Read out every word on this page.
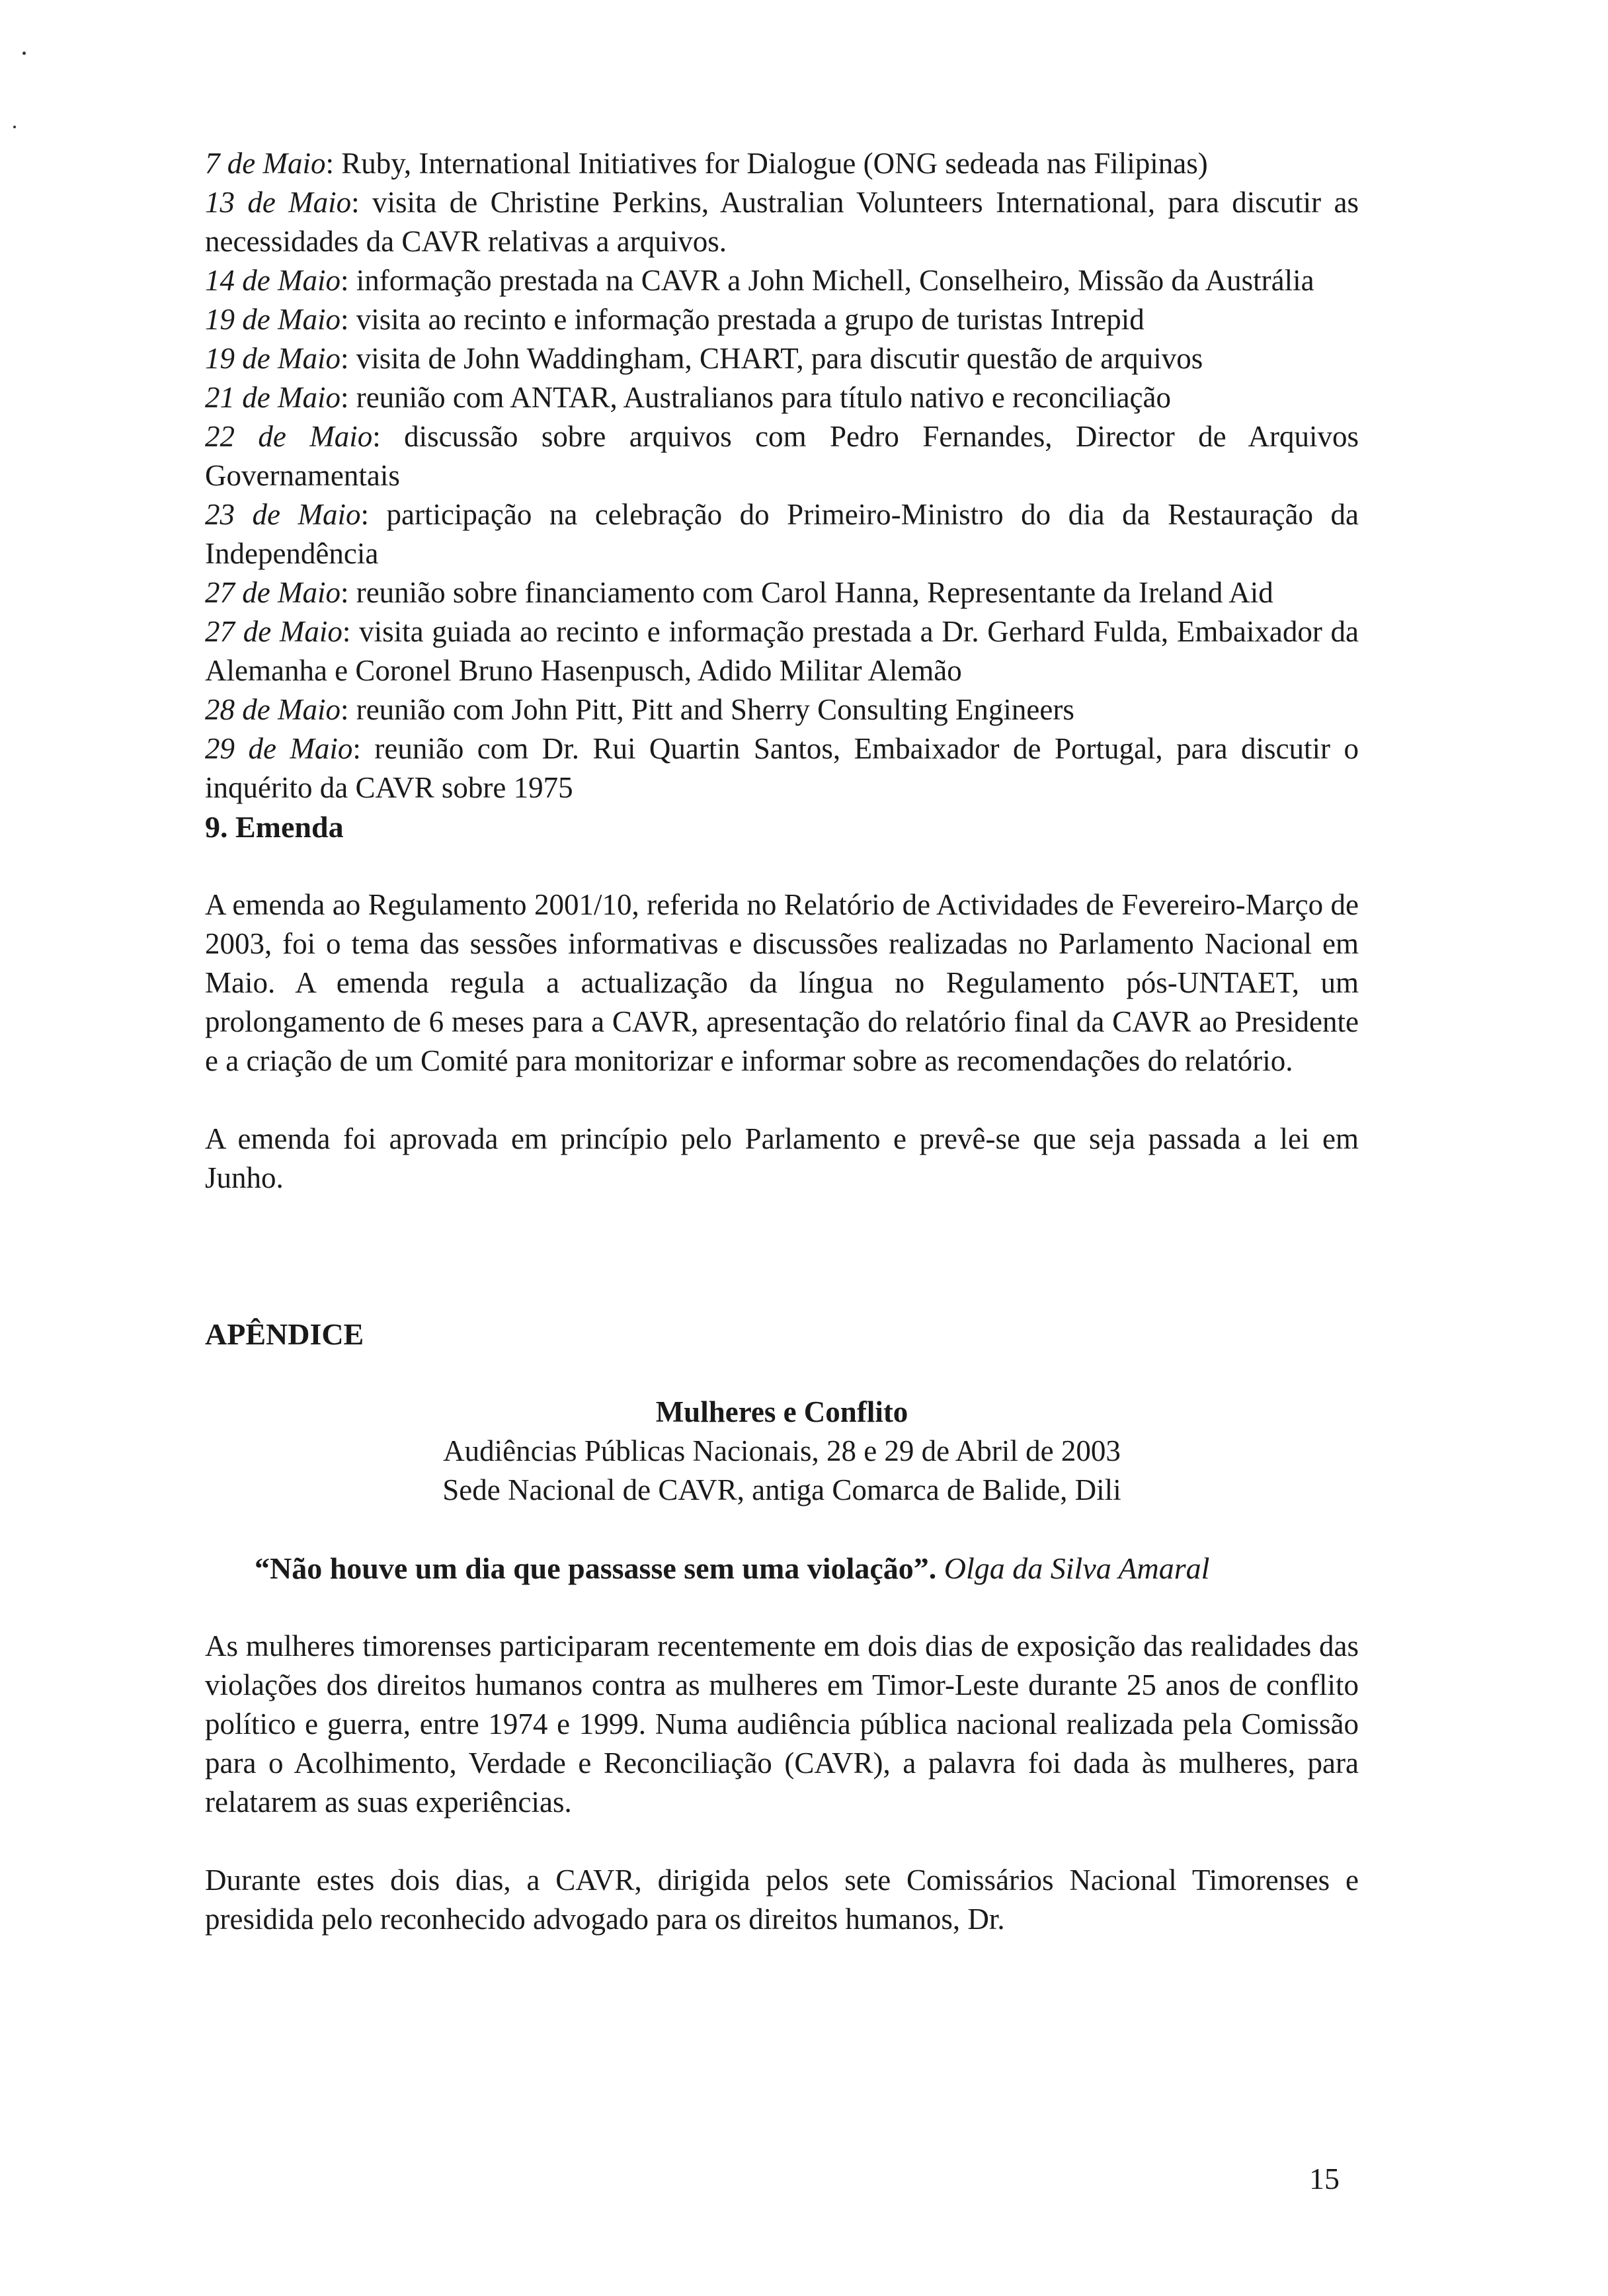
7 de Maio: Ruby, International Initiatives for Dialogue (ONG sedeada nas Filipinas)

13 de Maio: visita de Christine Perkins, Australian Volunteers International, para discutir as necessidades da CAVR relativas a arquivos.

14 de Maio: informação prestada na CAVR a John Michell, Conselheiro, Missão da Austrália

19 de Maio: visita ao recinto e informação prestada a grupo de turistas Intrepid

19 de Maio: visita de John Waddingham, CHART, para discutir questão de arquivos

21 de Maio: reunião com ANTAR, Australianos para título nativo e reconciliação

22 de Maio: discussão sobre arquivos com Pedro Fernandes, Director de Arquivos Governamentais

23 de Maio: participação na celebração do Primeiro-Ministro do dia da Restauração da Independência

27 de Maio: reunião sobre financiamento com Carol Hanna, Representante da Ireland Aid

27 de Maio: visita guiada ao recinto e informação prestada a Dr. Gerhard Fulda, Embaixador da Alemanha e Coronel Bruno Hasenpusch, Adido Militar Alemão

28 de Maio: reunião com John Pitt, Pitt and Sherry Consulting Engineers

29 de Maio: reunião com Dr. Rui Quartin Santos, Embaixador de Portugal, para discutir o inquérito da CAVR sobre 1975

9. Emenda

A emenda ao Regulamento 2001/10, referida no Relatório de Actividades de Fevereiro-Março de 2003, foi o tema das sessões informativas e discussões realizadas no Parlamento Nacional em Maio. A emenda regula a actualização da língua no Regulamento pós-UNTAET, um prolongamento de 6 meses para a CAVR, apresentação do relatório final da CAVR ao Presidente e a criação de um Comité para monitorizar e informar sobre as recomendações do relatório.

A emenda foi aprovada em princípio pelo Parlamento e prevê-se que seja passada a lei em Junho.

APÊNDICE

Mulheres e Conflito

Audiências Públicas Nacionais, 28 e 29 de Abril de 2003

Sede Nacional de CAVR, antiga Comarca de Balide, Dili

“Não houve um dia que passasse sem uma violação”. Olga da Silva Amaral

As mulheres timorenses participaram recentemente em dois dias de exposição das realidades das violações dos direitos humanos contra as mulheres em Timor-Leste durante 25 anos de conflito político e guerra, entre 1974 e 1999. Numa audiência pública nacional realizada pela Comissão para o Acolhimento, Verdade e Reconciliação (CAVR), a palavra foi dada às mulheres, para relatarem as suas experiências.

Durante estes dois dias, a CAVR, dirigida pelos sete Comissários Nacional Timorenses e presidida pelo reconhecido advogado para os direitos humanos, Dr.

15
